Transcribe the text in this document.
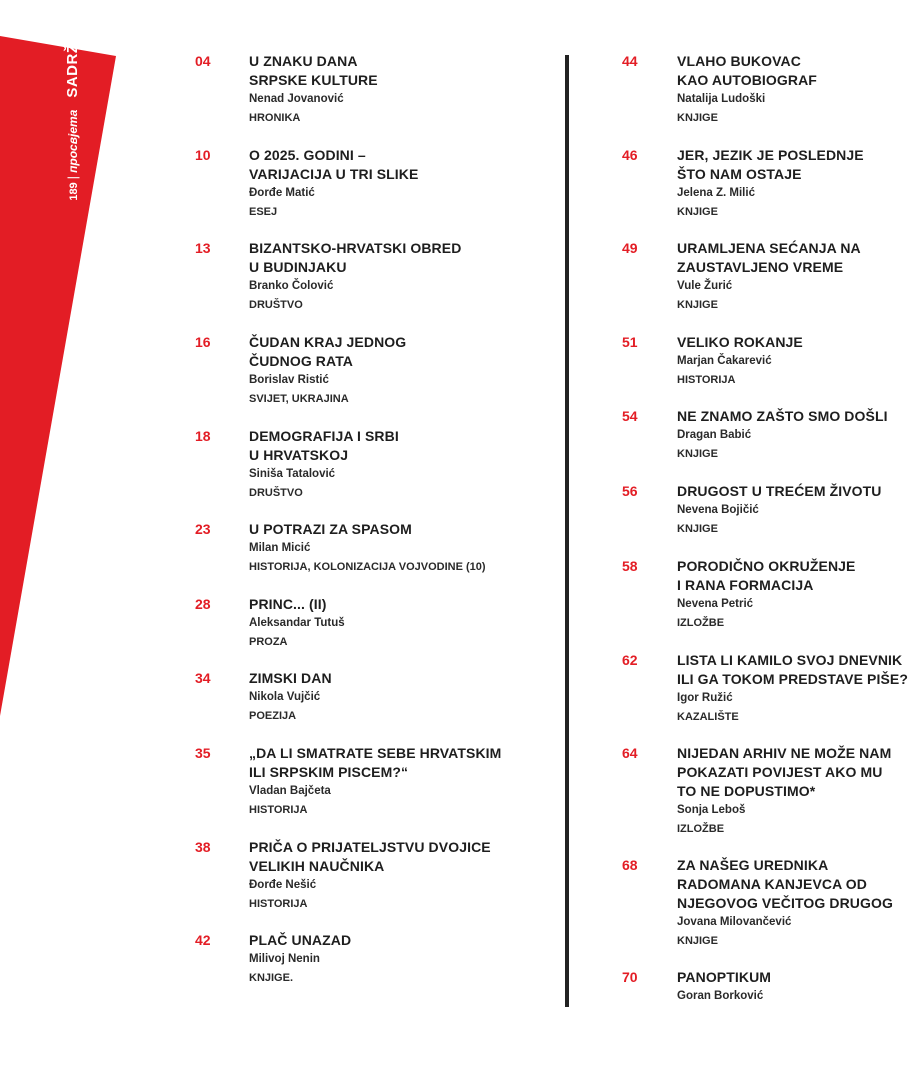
189|просвјетаSADRŽAJ	04	U ZNAKU DANA
SRPSKE KULTURE
Nenad Jovanović
HRONIKA
10	O 2025. GODINI –
VARIJACIJA U TRI SLIKE
Đorđe Matić
ESEJ
13	BIZANTSKO-HRVATSKI OBRED
U BUDINJAKU
Branko Čolović
DRUŠTVO
16	ČUDAN KRAJ JEDNOG
ČUDNOG RATA
Borislav Ristić
SVIJET, UKRAJINA
18	DEMOGRAFIJA I SRBI
U HRVATSKOJ
Siniša Tatalović
DRUŠTVO
23	U POTRAZI ZA SPASOM
Milan Micić
HISTORIJA, KOLONIZACIJA VOJVODINE (10)
28	PRINC... (II)
Aleksandar Tutuš
PROZA
34	ZIMSKI DAN
Nikola Vujčić
POEZIJA
35	„DA LI SMATRATE SEBE HRVATSKIM
ILI SRPSKIM PISCEM?“
Vladan Bajčeta
HISTORIJA
38	PRIČA O PRIJATELJSTVU DVOJICE
VELIKIH NAUČNIKA
Đorđe Nešić
HISTORIJA
42	PLAČ UNAZAD
Milivoj Nenin
KNJIGE.
44	VLAHO BUKOVAC
KAO AUTOBIOGRAF
Natalija Ludoški
KNJIGE
46	JER, JEZIK JE POSLEDNJE
ŠTO NAM OSTAJE
Jelena Z. Milić
KNJIGE
49	URAMLJENA SEĆANJA NA
ZAUSTAVLJENO VREME
Vule Žurić
KNJIGE
51	VELIKO ROKANJE
Marjan Čakarević
HISTORIJA
54	NE ZNAMO ZAŠTO SMO DOŠLI
Dragan Babić
KNJIGE
56	DRUGOST U TREĆEM ŽIVOTU
Nevena Bojičić
KNJIGE
58	PORODIČNO OKRUŽENJE
I RANA FORMACIJA
Nevena Petrić
IZLOŽBE
62	LISTA LI KAMILO SVOJ DNEVNIK
ILI GA TOKOM PREDSTAVE PIŠE?
Igor Ružić
KAZALIŠTE
64	NIJEDAN ARHIV NE MOŽE NAM
POKAZATI POVIJEST AKO MU
TO NE DOPUSTIMO*
Sonja Leboš
IZLOŽBE
68	ZA NAŠEG UREDNIKA
RADOMANA KANJEVCA OD
NJEGOVOG VEČITOG DRUGOG
Jovana Milovančević
KNJIGE
70	PANOPTIKUM
Goran Borković
